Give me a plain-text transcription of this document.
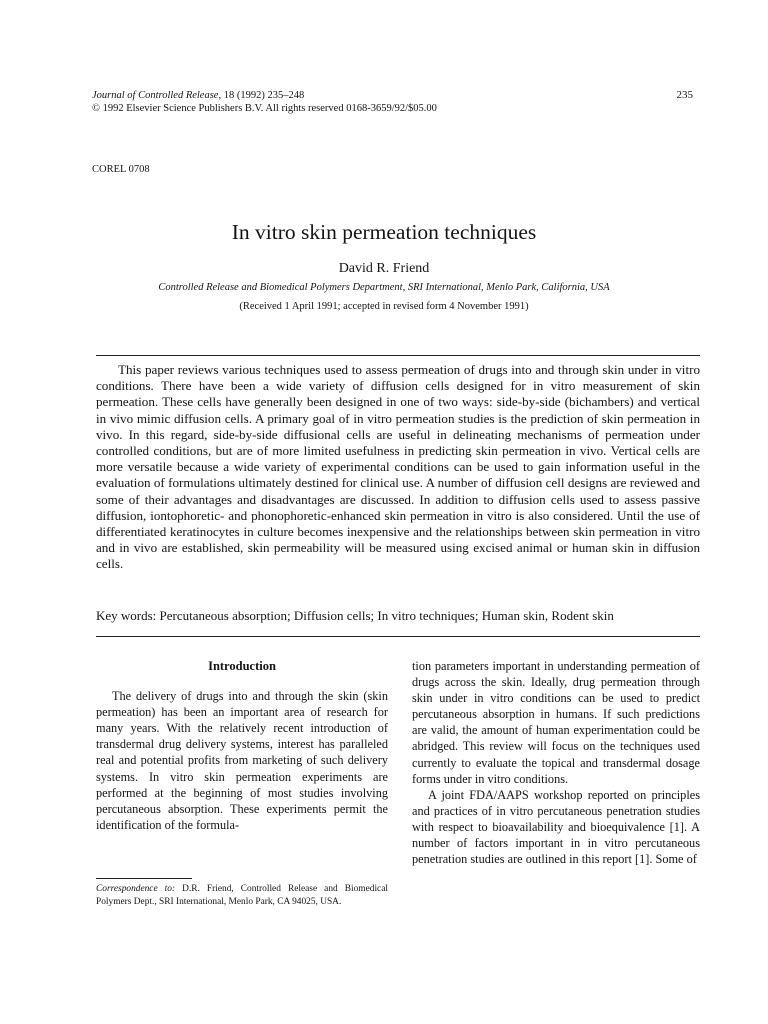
Journal of Controlled Release, 18 (1992) 235–248
© 1992 Elsevier Science Publishers B.V. All rights reserved 0168-3659/92/$05.00
235
COREL 0708
In vitro skin permeation techniques
David R. Friend
Controlled Release and Biomedical Polymers Department, SRI International, Menlo Park, California, USA
(Received 1 April 1991; accepted in revised form 4 November 1991)

This paper reviews various techniques used to assess permeation of drugs into and through skin under in vitro conditions. There have been a wide variety of diffusion cells designed for in vitro measurement of skin permeation. These cells have generally been designed in one of two ways: side-by-side (bichambers) and vertical in vivo mimic diffusion cells. A primary goal of in vitro permeation studies is the prediction of skin permeation in vivo. In this regard, side-by-side diffusional cells are useful in delineating mechanisms of permeation under controlled conditions, but are of more limited usefulness in predicting skin permeation in vivo. Vertical cells are more versatile because a wide variety of experimental conditions can be used to gain information useful in the evaluation of formulations ultimately destined for clinical use. A number of diffusion cell designs are reviewed and some of their advantages and disadvantages are discussed. In addition to diffusion cells used to assess passive diffusion, iontophoretic- and phonophoretic-enhanced skin permeation in vitro is also considered. Until the use of differentiated keratinocytes in culture becomes inexpensive and the relationships between skin permeation in vitro and in vivo are established, skin permeability will be measured using excised animal or human skin in diffusion cells.

Key words: Percutaneous absorption; Diffusion cells; In vitro techniques; Human skin, Rodent skin

Introduction

The delivery of drugs into and through the skin (skin permeation) has been an important area of research for many years. With the relatively recent introduction of transdermal drug delivery systems, interest has paralleled real and potential profits from marketing of such delivery systems. In vitro skin permeation experiments are performed at the beginning of most studies involving percutaneous absorption. These experiments permit the identification of the formula-

tion parameters important in understanding permeation of drugs across the skin. Ideally, drug permeation through skin under in vitro conditions can be used to predict percutaneous absorption in humans. If such predictions are valid, the amount of human experimentation could be abridged. This review will focus on the techniques used currently to evaluate the topical and transdermal dosage forms under in vitro conditions.

A joint FDA/AAPS workshop reported on principles and practices of in vitro percutaneous penetration studies with respect to bioavailability and bioequivalence [1]. A number of factors important in in vitro percutaneous penetration studies are outlined in this report [1]. Some of

Correspondence to: D.R. Friend, Controlled Release and Biomedical Polymers Dept., SRI International, Menlo Park, CA 94025, USA.
